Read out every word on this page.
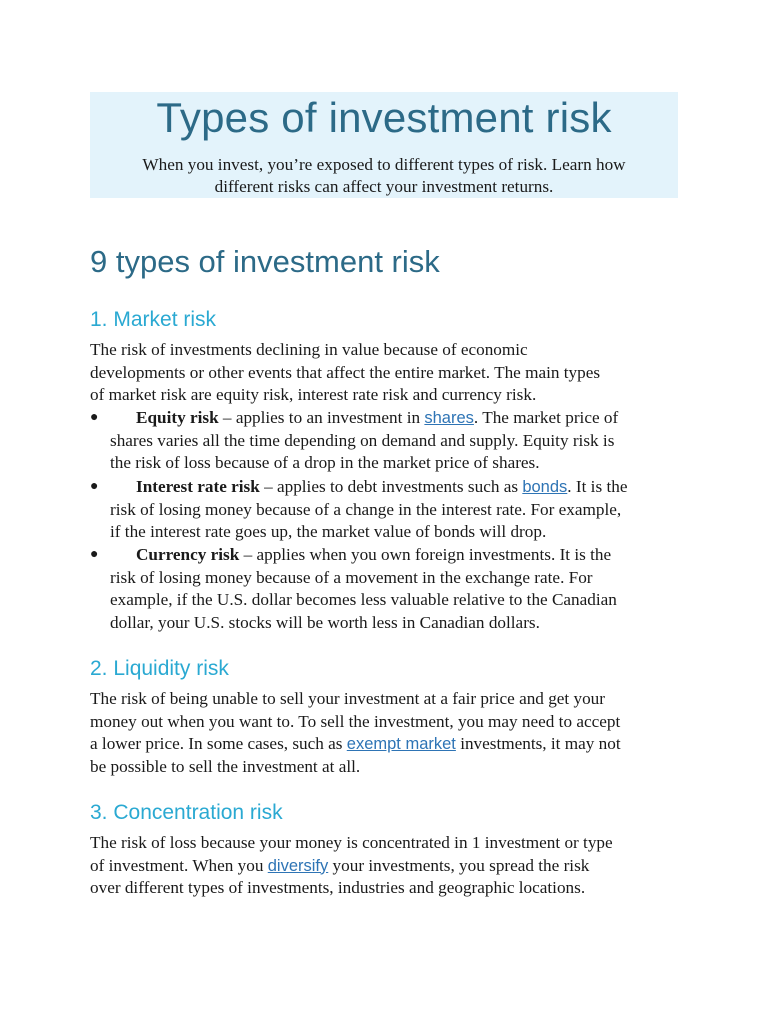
Types of investment risk
When you invest, you’re exposed to different types of risk. Learn how
different risks can affect your investment returns.
9 types of investment risk
1. Market risk
The risk of investments declining in value because of economic
developments or other events that affect the entire market. The main types
of market risk are equity risk, interest rate risk and currency risk.
●	Equity risk – applies to an investment in shares. The market price of
shares varies all the time depending on demand and supply. Equity risk is
the risk of loss because of a drop in the market price of shares.
●	Interest rate risk – applies to debt investments such as bonds. It is the
risk of losing money because of a change in the interest rate. For example,
if the interest rate goes up, the market value of bonds will drop.
●	Currency risk – applies when you own foreign investments. It is the
risk of losing money because of a movement in the exchange rate. For
example, if the U.S. dollar becomes less valuable relative to the Canadian
dollar, your U.S. stocks will be worth less in Canadian dollars.
2. Liquidity risk
The risk of being unable to sell your investment at a fair price and get your
money out when you want to. To sell the investment, you may need to accept
a lower price. In some cases, such as exempt market investments, it may not
be possible to sell the investment at all.
3. Concentration risk
The risk of loss because your money is concentrated in 1 investment or type
of investment. When you diversify your investments, you spread the risk
over different types of investments, industries and geographic locations.
